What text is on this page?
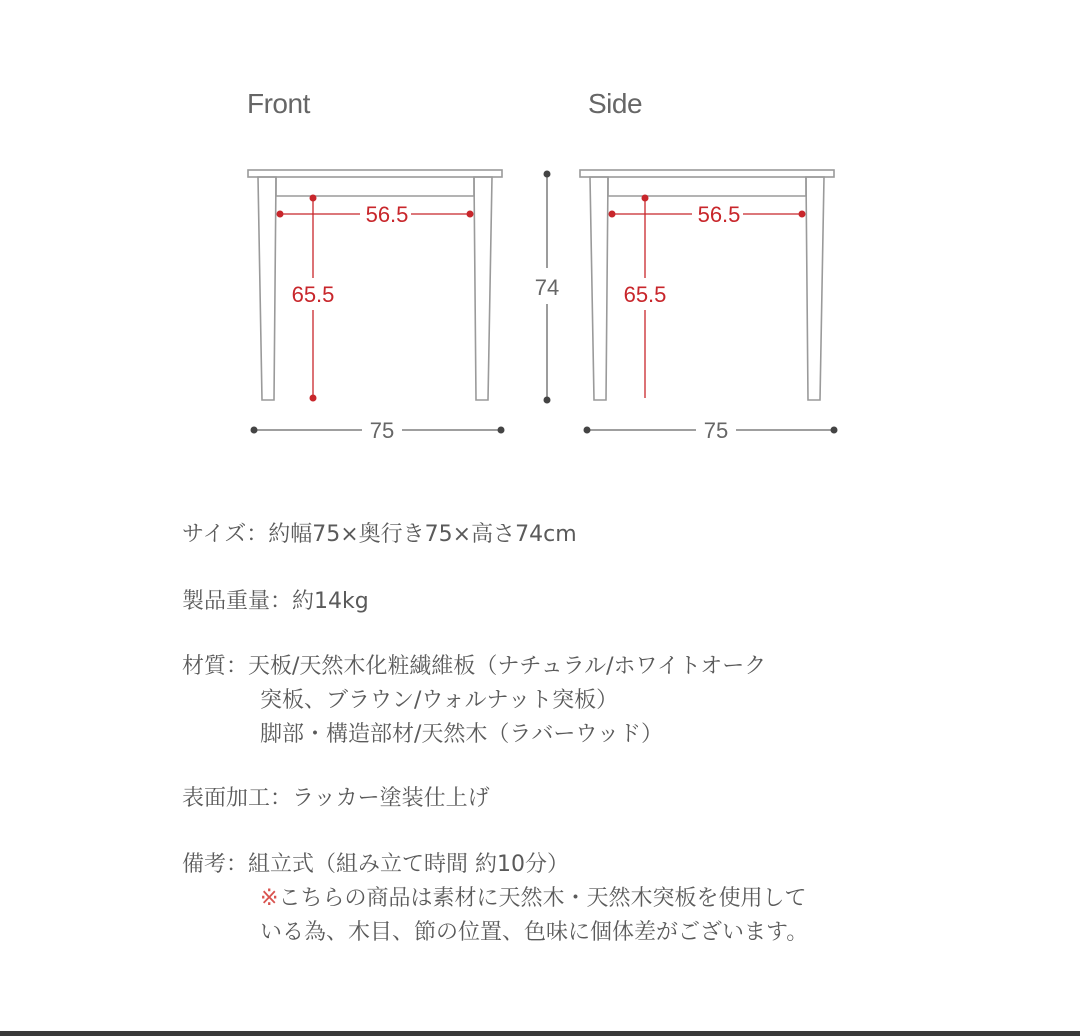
Front	Side
56.5
65.5
75
74
56.5
65.5
75
サイズ： 約幅75×奥行き75×高さ74cm
製品重量： 約14kg
材質： 天板/天然木化粧繊維板（ナチュラル/ホワイトオーク
突板、ブラウン/ウォルナット突板）
脚部・構造部材/天然木（ラバーウッド）
表面加工： ラッカー塗装仕上げ
備考： 組立式（組み立て時間 約10分）
※こちらの商品は素材に天然木・天然木突板を使用して
いる為、木目、節の位置、色味に個体差がございます。
